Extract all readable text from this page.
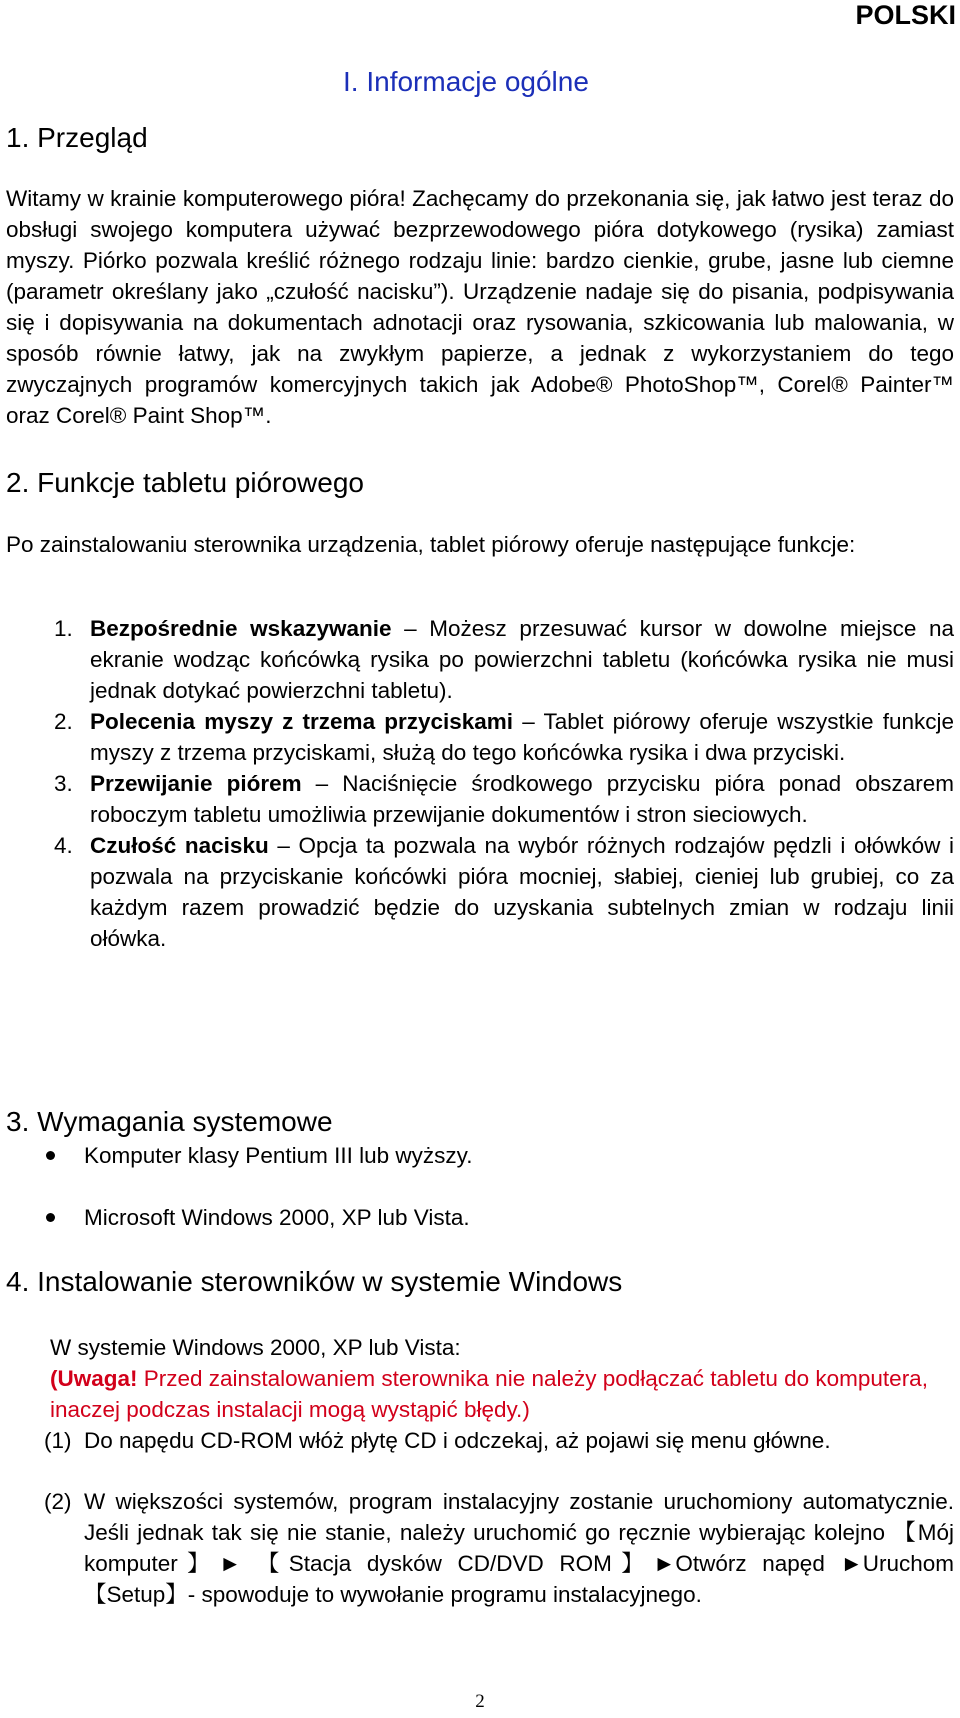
POLSKI
I. Informacje ogólne
1. Przegląd

Witamy w krainie komputerowego pióra! Zachęcamy do przekonania się, jak łatwo jest teraz do obsługi swojego komputera używać bezprzewodowego pióra dotykowego (rysika) zamiast myszy. Piórko pozwala kreślić różnego rodzaju linie: bardzo cienkie, grube, jasne lub ciemne (parametr określany jako „czułość nacisku”). Urządzenie nadaje się do pisania, podpisywania się i dopisywania na dokumentach adnotacji oraz rysowania, szkicowania lub malowania, w sposób równie łatwy, jak na zwykłym papierze, a jednak z wykorzystaniem do tego zwyczajnych programów komercyjnych takich jak Adobe® PhotoShop™, Corel® Painter™ oraz Corel® Paint Shop™.

2. Funkcje tabletu piórowego

Po zainstalowaniu sterownika urządzenia, tablet piórowy oferuje następujące funkcje:

1. Bezpośrednie wskazywanie – Możesz przesuwać kursor w dowolne miejsce na ekranie wodząc końcówką rysika po powierzchni tabletu (końcówka rysika nie musi jednak dotykać powierzchni tabletu).
2. Polecenia myszy z trzema przyciskami – Tablet piórowy oferuje wszystkie funkcje myszy z trzema przyciskami, służą do tego końcówka rysika i dwa przyciski.
3. Przewijanie piórem – Naciśnięcie środkowego przycisku pióra ponad obszarem roboczym tabletu umożliwia przewijanie dokumentów i stron sieciowych.
4. Czułość nacisku – Opcja ta pozwala na wybór różnych rodzajów pędzli i ołówków i pozwala na przyciskanie końcówki pióra mocniej, słabiej, cieniej lub grubiej, co za każdym razem prowadzić będzie do uzyskania subtelnych zmian w rodzaju linii ołówka.
3. Wymagania systemowe
Komputer klasy Pentium III lub wyższy.
Microsoft Windows 2000, XP lub Vista.
4. Instalowanie sterowników w systemie Windows
W systemie Windows 2000, XP lub Vista:
(Uwaga! Przed zainstalowaniem sterownika nie należy podłączać tabletu do komputera, inaczej podczas instalacji mogą wystąpić błędy.)
(1) Do napędu CD-ROM włóż płytę CD i odczekaj, aż pojawi się menu główne.
(2) W większości systemów, program instalacyjny zostanie uruchomiony automatycznie. Jeśli jednak tak się nie stanie, należy uruchomić go ręcznie wybierając kolejno 【Mój komputer】► 【Stacja dysków CD/DVD ROM】►Otwórz napęd ►Uruchom【Setup】- spowoduje to wywołanie programu instalacyjnego.
2
